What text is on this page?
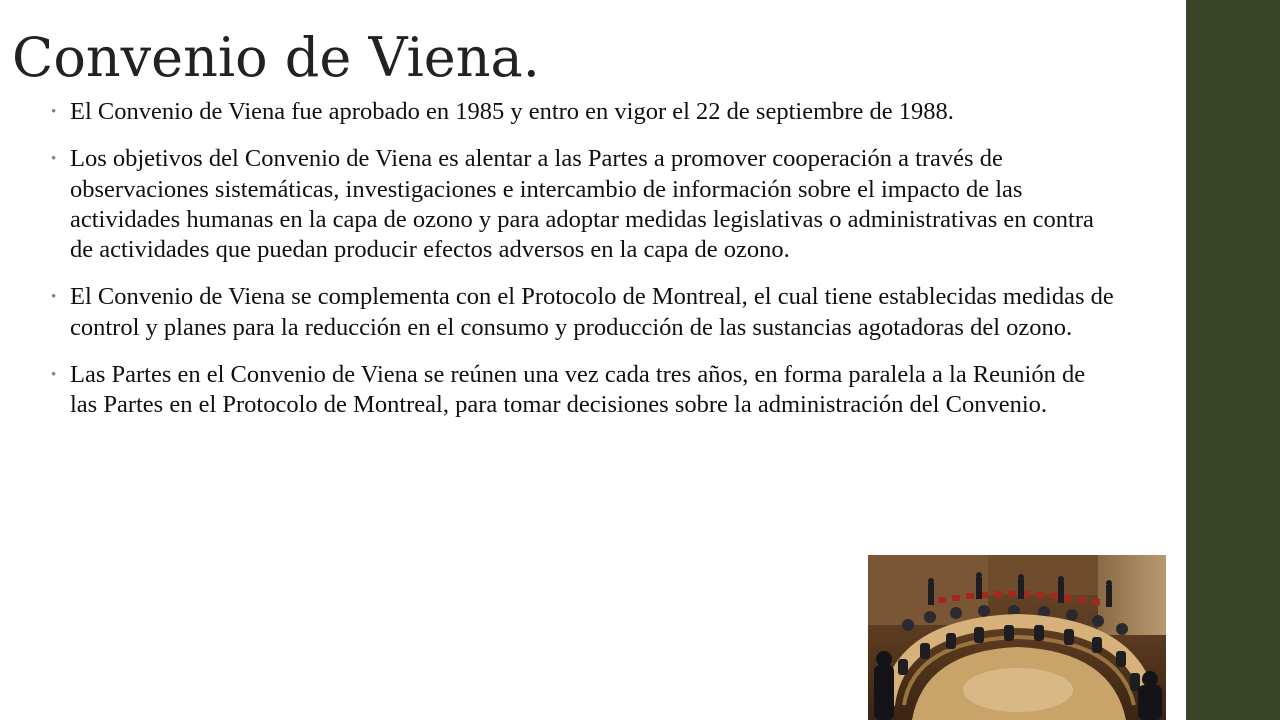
Convenio de Viena.
• El Convenio de Viena fue aprobado en 1985 y entro en vigor el 22 de septiembre de 1988.
• Los objetivos del Convenio de Viena es alentar a las Partes a promover cooperación a través de observaciones sistemáticas, investigaciones e intercambio de información sobre el impacto de las actividades humanas en la capa de ozono y para adoptar medidas legislativas o administrativas en contra de actividades que puedan producir efectos adversos en la capa de ozono.
• El Convenio de Viena se complementa con el Protocolo de Montreal, el cual tiene establecidas medidas de control y planes para la reducción en el consumo y producción de las sustancias agotadoras del ozono.
• Las Partes en el Convenio de Viena se reúnen una vez cada tres años, en forma paralela a la Reunión de las Partes en el Protocolo de Montreal, para tomar decisiones sobre la administración del Convenio.
